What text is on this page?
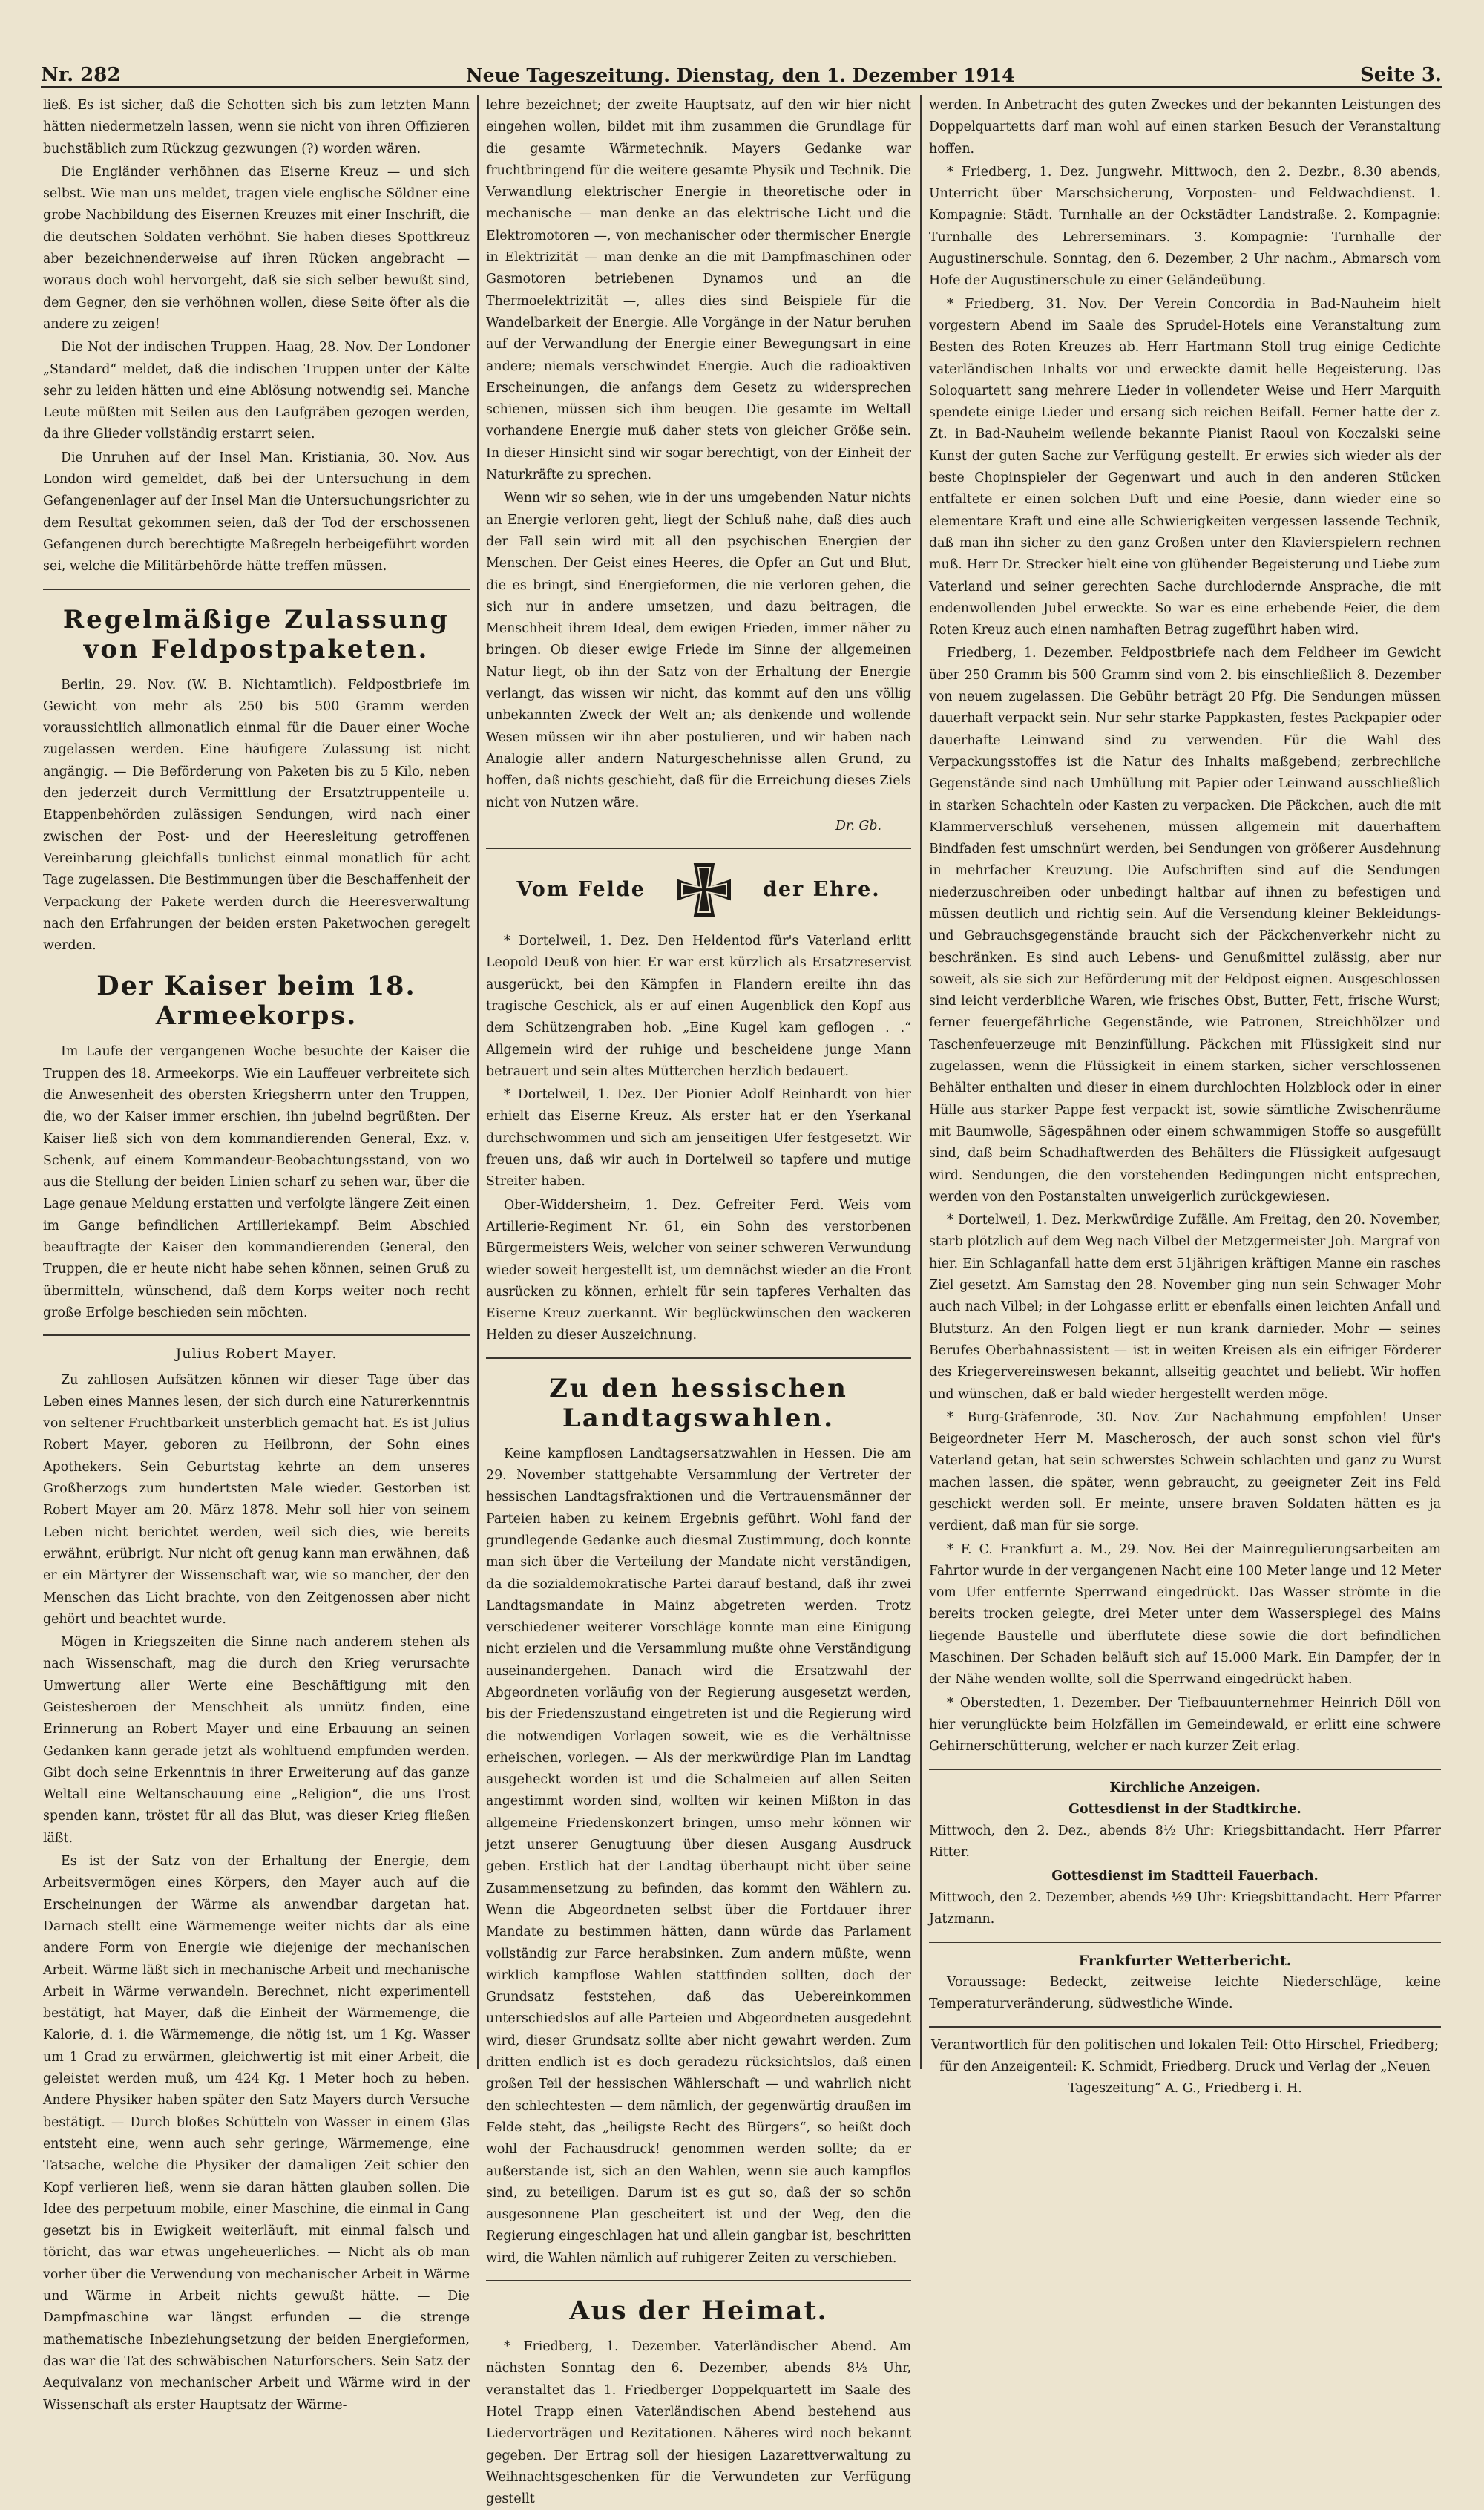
Nr. 282	Neue Tageszeitung. Dienstag, den 1. Dezember 1914	Seite 3.

ließ. Es ist sicher, daß die Schotten sich bis zum letzten Mann hätten niedermetzeln lassen, wenn sie nicht von ihren Offizieren buchstäblich zum Rückzug gezwungen (?) worden wären.

Die Engländer verhöhnen das Eiserne Kreuz — und sich selbst. Wie man uns meldet, tragen viele englische Söldner eine grobe Nachbildung des Eisernen Kreuzes mit einer Inschrift, die die deutschen Soldaten verhöhnt. Sie haben dieses Spottkreuz aber bezeichnenderweise auf ihren Rücken angebracht — woraus doch wohl hervorgeht, daß sie sich selber bewußt sind, dem Gegner, den sie verhöhnen wollen, diese Seite öfter als die andere zu zeigen!

Die Not der indischen Truppen. Haag, 28. Nov. Der Londoner „Standard“ meldet, daß die indischen Truppen unter der Kälte sehr zu leiden hätten und eine Ablösung notwendig sei. Manche Leute müßten mit Seilen aus den Laufgräben gezogen werden, da ihre Glieder vollständig erstarrt seien.

Die Unruhen auf der Insel Man. Kristiania, 30. Nov. Aus London wird gemeldet, daß bei der Untersuchung in dem Gefangenenlager auf der Insel Man die Untersuchungsrichter zu dem Resultat gekommen seien, daß der Tod der erschossenen Gefangenen durch berechtigte Maßregeln herbeigeführt worden sei, welche die Militärbehörde hätte treffen müssen.

Regelmäßige Zulassung von Feldpostpaketen.

Berlin, 29. Nov. (W. B. Nichtamtlich). Feldpostbriefe im Gewicht von mehr als 250 bis 500 Gramm werden voraussichtlich allmonatlich einmal für die Dauer einer Woche zugelassen werden. Eine häufigere Zulassung ist nicht angängig. — Die Beförderung von Paketen bis zu 5 Kilo, neben den jederzeit durch Vermittlung der Ersatztruppenteile u. Etappenbehörden zulässigen Sendungen, wird nach einer zwischen der Post- und der Heeresleitung getroffenen Vereinbarung gleichfalls tunlichst einmal monatlich für acht Tage zugelassen. Die Bestimmungen über die Beschaffenheit der Verpackung der Pakete werden durch die Heeresverwaltung nach den Erfahrungen der beiden ersten Paketwochen geregelt werden.

Der Kaiser beim 18. Armeekorps.

Im Laufe der vergangenen Woche besuchte der Kaiser die Truppen des 18. Armeekorps. Wie ein Lauffeuer verbreitete sich die Anwesenheit des obersten Kriegsherrn unter den Truppen, die, wo der Kaiser immer erschien, ihn jubelnd begrüßten. Der Kaiser ließ sich von dem kommandierenden General, Exz. v. Schenk, auf einem Kommandeur-Beobachtungsstand, von wo aus die Stellung der beiden Linien scharf zu sehen war, über die Lage genaue Meldung erstatten und verfolgte längere Zeit einen im Gange befindlichen Artilleriekampf. Beim Abschied beauftragte der Kaiser den kommandierenden General, den Truppen, die er heute nicht habe sehen können, seinen Gruß zu übermitteln, wünschend, daß dem Korps weiter noch recht große Erfolge beschieden sein möchten.

Julius Robert Mayer.

Zu zahllosen Aufsätzen können wir dieser Tage über das Leben eines Mannes lesen, der sich durch eine Naturerkenntnis von seltener Fruchtbarkeit unsterblich gemacht hat. Es ist Julius Robert Mayer, geboren zu Heilbronn, der Sohn eines Apothekers. Sein Geburtstag kehrte an dem unseres Großherzogs zum hundertsten Male wieder. Gestorben ist Robert Mayer am 20. März 1878. Mehr soll hier von seinem Leben nicht berichtet werden, weil sich dies, wie bereits erwähnt, erübrigt. Nur nicht oft genug kann man erwähnen, daß er ein Märtyrer der Wissenschaft war, wie so mancher, der den Menschen das Licht brachte, von den Zeitgenossen aber nicht gehört und beachtet wurde.

Mögen in Kriegszeiten die Sinne nach anderem stehen als nach Wissenschaft, mag die durch den Krieg verursachte Umwertung aller Werte eine Beschäftigung mit den Geistesheroen der Menschheit als unnütz finden, eine Erinnerung an Robert Mayer und eine Erbauung an seinen Gedanken kann gerade jetzt als wohltuend empfunden werden. Gibt doch seine Erkenntnis in ihrer Erweiterung auf das ganze Weltall eine Weltanschauung eine „Religion“, die uns Trost spenden kann, tröstet für all das Blut, was dieser Krieg fließen läßt.

Es ist der Satz von der Erhaltung der Energie, dem Arbeitsvermögen eines Körpers, den Mayer auch auf die Erscheinungen der Wärme als anwendbar dargetan hat. Darnach stellt eine Wärmemenge weiter nichts dar als eine andere Form von Energie wie diejenige der mechanischen Arbeit. Wärme läßt sich in mechanische Arbeit und mechanische Arbeit in Wärme verwandeln. Berechnet, nicht experimentell bestätigt, hat Mayer, daß die Einheit der Wärmemenge, die Kalorie, d. i. die Wärmemenge, die nötig ist, um 1 Kg. Wasser um 1 Grad zu erwärmen, gleichwertig ist mit einer Arbeit, die geleistet werden muß, um 424 Kg. 1 Meter hoch zu heben. Andere Physiker haben später den Satz Mayers durch Versuche bestätigt. — Durch bloßes Schütteln von Wasser in einem Glas entsteht eine, wenn auch sehr geringe, Wärmemenge, eine Tatsache, welche die Physiker der damaligen Zeit schier den Kopf verlieren ließ, wenn sie daran hätten glauben sollen. Die Idee des perpetuum mobile, einer Maschine, die einmal in Gang gesetzt bis in Ewigkeit weiterläuft, mit einmal falsch und töricht, das war etwas ungeheuerliches. — Nicht als ob man vorher über die Verwendung von mechanischer Arbeit in Wärme und Wärme in Arbeit nichts gewußt hätte. — Die Dampfmaschine war längst erfunden — die strenge mathematische Inbeziehungsetzung der beiden Energieformen, das war die Tat des schwäbischen Naturforschers. Sein Satz der Aequivalanz von mechanischer Arbeit und Wärme wird in der Wissenschaft als erster Hauptsatz der Wärme-

lehre bezeichnet; der zweite Hauptsatz, auf den wir hier nicht eingehen wollen, bildet mit ihm zusammen die Grundlage für die gesamte Wärmetechnik. Mayers Gedanke war fruchtbringend für die weitere gesamte Physik und Technik. Die Verwandlung elektrischer Energie in theoretische oder in mechanische — man denke an das elektrische Licht und die Elektromotoren —, von mechanischer oder thermischer Energie in Elektrizität — man denke an die mit Dampfmaschinen oder Gasmotoren betriebenen Dynamos und an die Thermoelektrizität —, alles dies sind Beispiele für die Wandelbarkeit der Energie. Alle Vorgänge in der Natur beruhen auf der Verwandlung der Energie einer Bewegungsart in eine andere; niemals verschwindet Energie. Auch die radioaktiven Erscheinungen, die anfangs dem Gesetz zu widersprechen schienen, müssen sich ihm beugen. Die gesamte im Weltall vorhandene Energie muß daher stets von gleicher Größe sein. In dieser Hinsicht sind wir sogar berechtigt, von der Einheit der Naturkräfte zu sprechen.

Wenn wir so sehen, wie in der uns umgebenden Natur nichts an Energie verloren geht, liegt der Schluß nahe, daß dies auch der Fall sein wird mit all den psychischen Energien der Menschen. Der Geist eines Heeres, die Opfer an Gut und Blut, die es bringt, sind Energieformen, die nie verloren gehen, die sich nur in andere umsetzen, und dazu beitragen, die Menschheit ihrem Ideal, dem ewigen Frieden, immer näher zu bringen. Ob dieser ewige Friede im Sinne der allgemeinen Natur liegt, ob ihn der Satz von der Erhaltung der Energie verlangt, das wissen wir nicht, das kommt auf den uns völlig unbekannten Zweck der Welt an; als denkende und wollende Wesen müssen wir ihn aber postulieren, und wir haben nach Analogie aller andern Naturgeschehnisse allen Grund, zu hoffen, daß nichts geschieht, daß für die Erreichung dieses Ziels nicht von Nutzen wäre.

Dr. Gb.
Vom Felde	der Ehre.

* Dortelweil, 1. Dez. Den Heldentod für's Vaterland erlitt Leopold Deuß von hier. Er war erst kürzlich als Ersatzreservist ausgerückt, bei den Kämpfen in Flandern ereilte ihn das tragische Geschick, als er auf einen Augenblick den Kopf aus dem Schützengraben hob. „Eine Kugel kam geflogen . .“ Allgemein wird der ruhige und bescheidene junge Mann betrauert und sein altes Mütterchen herzlich bedauert.

* Dortelweil, 1. Dez. Der Pionier Adolf Reinhardt von hier erhielt das Eiserne Kreuz. Als erster hat er den Yserkanal durchschwommen und sich am jenseitigen Ufer festgesetzt. Wir freuen uns, daß wir auch in Dortelweil so tapfere und mutige Streiter haben.

Ober-Widdersheim, 1. Dez. Gefreiter Ferd. Weis vom Artillerie-Regiment Nr. 61, ein Sohn des verstorbenen Bürgermeisters Weis, welcher von seiner schweren Verwundung wieder soweit hergestellt ist, um demnächst wieder an die Front ausrücken zu können, erhielt für sein tapferes Verhalten das Eiserne Kreuz zuerkannt. Wir beglückwünschen den wackeren Helden zu dieser Auszeichnung.

Zu den hessischen Landtagswahlen.

Keine kampflosen Landtagsersatzwahlen in Hessen. Die am 29. November stattgehabte Versammlung der Vertreter der hessischen Landtagsfraktionen und die Vertrauensmänner der Parteien haben zu keinem Ergebnis geführt. Wohl fand der grundlegende Gedanke auch diesmal Zustimmung, doch konnte man sich über die Verteilung der Mandate nicht verständigen, da die sozialdemokratische Partei darauf bestand, daß ihr zwei Landtagsmandate in Mainz abgetreten werden. Trotz verschiedener weiterer Vorschläge konnte man eine Einigung nicht erzielen und die Versammlung mußte ohne Verständigung auseinandergehen. Danach wird die Ersatzwahl der Abgeordneten vorläufig von der Regierung ausgesetzt werden, bis der Friedenszustand eingetreten ist und die Regierung wird die notwendigen Vorlagen soweit, wie es die Verhältnisse erheischen, vorlegen. — Als der merkwürdige Plan im Landtag ausgeheckt worden ist und die Schalmeien auf allen Seiten angestimmt worden sind, wollten wir keinen Mißton in das allgemeine Friedenskonzert bringen, umso mehr können wir jetzt unserer Genugtuung über diesen Ausgang Ausdruck geben. Erstlich hat der Landtag überhaupt nicht über seine Zusammensetzung zu befinden, das kommt den Wählern zu. Wenn die Abgeordneten selbst über die Fortdauer ihrer Mandate zu bestimmen hätten, dann würde das Parlament vollständig zur Farce herabsinken. Zum andern müßte, wenn wirklich kampflose Wahlen stattfinden sollten, doch der Grundsatz feststehen, daß das Uebereinkommen unterschiedslos auf alle Parteien und Abgeordneten ausgedehnt wird, dieser Grundsatz sollte aber nicht gewahrt werden. Zum dritten endlich ist es doch geradezu rücksichtslos, daß einen großen Teil der hessischen Wählerschaft — und wahrlich nicht den schlechtesten — dem nämlich, der gegenwärtig draußen im Felde steht, das „heiligste Recht des Bürgers“, so heißt doch wohl der Fachausdruck! genommen werden sollte; da er außerstande ist, sich an den Wahlen, wenn sie auch kampflos sind, zu beteiligen. Darum ist es gut so, daß der so schön ausgesonnene Plan gescheitert ist und der Weg, den die Regierung eingeschlagen hat und allein gangbar ist, beschritten wird, die Wahlen nämlich auf ruhigerer Zeiten zu verschieben.

Aus der Heimat.

* Friedberg, 1. Dezember. Vaterländischer Abend. Am nächsten Sonntag den 6. Dezember, abends 8½ Uhr, veranstaltet das 1. Friedberger Doppelquartett im Saale des Hotel Trapp einen Vaterländischen Abend bestehend aus Liedervorträgen und Rezitationen. Näheres wird noch bekannt gegeben. Der Ertrag soll der hiesigen Lazarettverwaltung zu Weihnachtsgeschenken für die Verwundeten zur Verfügung gestellt

werden. In Anbetracht des guten Zweckes und der bekannten Leistungen des Doppelquartetts darf man wohl auf einen starken Besuch der Veranstaltung hoffen.

* Friedberg, 1. Dez. Jungwehr. Mittwoch, den 2. Dezbr., 8.30 abends, Unterricht über Marschsicherung, Vorposten- und Feldwachdienst. 1. Kompagnie: Städt. Turnhalle an der Ockstädter Landstraße. 2. Kompagnie: Turnhalle des Lehrerseminars. 3. Kompagnie: Turnhalle der Augustinerschule. Sonntag, den 6. Dezember, 2 Uhr nachm., Abmarsch vom Hofe der Augustinerschule zu einer Geländeübung.

* Friedberg, 31. Nov. Der Verein Concordia in Bad-Nauheim hielt vorgestern Abend im Saale des Sprudel-Hotels eine Veranstaltung zum Besten des Roten Kreuzes ab. Herr Hartmann Stoll trug einige Gedichte vaterländischen Inhalts vor und erweckte damit helle Begeisterung. Das Soloquartett sang mehrere Lieder in vollendeter Weise und Herr Marquith spendete einige Lieder und ersang sich reichen Beifall. Ferner hatte der z. Zt. in Bad-Nauheim weilende bekannte Pianist Raoul von Koczalski seine Kunst der guten Sache zur Verfügung gestellt. Er erwies sich wieder als der beste Chopinspieler der Gegenwart und auch in den anderen Stücken entfaltete er einen solchen Duft und eine Poesie, dann wieder eine so elementare Kraft und eine alle Schwierigkeiten vergessen lassende Technik, daß man ihn sicher zu den ganz Großen unter den Klavierspielern rechnen muß. Herr Dr. Strecker hielt eine von glühender Begeisterung und Liebe zum Vaterland und seiner gerechten Sache durchlodernde Ansprache, die mit endenwollenden Jubel erweckte. So war es eine erhebende Feier, die dem Roten Kreuz auch einen namhaften Betrag zugeführt haben wird.

Friedberg, 1. Dezember. Feldpostbriefe nach dem Feldheer im Gewicht über 250 Gramm bis 500 Gramm sind vom 2. bis einschließlich 8. Dezember von neuem zugelassen. Die Gebühr beträgt 20 Pfg. Die Sendungen müssen dauerhaft verpackt sein. Nur sehr starke Pappkasten, festes Packpapier oder dauerhafte Leinwand sind zu verwenden. Für die Wahl des Verpackungsstoffes ist die Natur des Inhalts maßgebend; zerbrechliche Gegenstände sind nach Umhüllung mit Papier oder Leinwand ausschließlich in starken Schachteln oder Kasten zu verpacken. Die Päckchen, auch die mit Klammerverschluß versehenen, müssen allgemein mit dauerhaftem Bindfaden fest umschnürt werden, bei Sendungen von größerer Ausdehnung in mehrfacher Kreuzung. Die Aufschriften sind auf die Sendungen niederzuschreiben oder unbedingt haltbar auf ihnen zu befestigen und müssen deutlich und richtig sein. Auf die Versendung kleiner Bekleidungs- und Gebrauchsgegenstände braucht sich der Päckchenverkehr nicht zu beschränken. Es sind auch Lebens- und Genußmittel zulässig, aber nur soweit, als sie sich zur Beförderung mit der Feldpost eignen. Ausgeschlossen sind leicht verderbliche Waren, wie frisches Obst, Butter, Fett, frische Wurst; ferner feuergefährliche Gegenstände, wie Patronen, Streichhölzer und Taschenfeuerzeuge mit Benzinfüllung. Päckchen mit Flüssigkeit sind nur zugelassen, wenn die Flüssigkeit in einem starken, sicher verschlossenen Behälter enthalten und dieser in einem durchlochten Holzblock oder in einer Hülle aus starker Pappe fest verpackt ist, sowie sämtliche Zwischenräume mit Baumwolle, Sägespähnen oder einem schwammigen Stoffe so ausgefüllt sind, daß beim Schadhaftwerden des Behälters die Flüssigkeit aufgesaugt wird. Sendungen, die den vorstehenden Bedingungen nicht entsprechen, werden von den Postanstalten unweigerlich zurückgewiesen.

* Dortelweil, 1. Dez. Merkwürdige Zufälle. Am Freitag, den 20. November, starb plötzlich auf dem Weg nach Vilbel der Metzgermeister Joh. Margraf von hier. Ein Schlaganfall hatte dem erst 51jährigen kräftigen Manne ein rasches Ziel gesetzt. Am Samstag den 28. November ging nun sein Schwager Mohr auch nach Vilbel; in der Lohgasse erlitt er ebenfalls einen leichten Anfall und Blutsturz. An den Folgen liegt er nun krank darnieder. Mohr — seines Berufes Oberbahnassistent — ist in weiten Kreisen als ein eifriger Förderer des Kriegervereinswesen bekannt, allseitig geachtet und beliebt. Wir hoffen und wünschen, daß er bald wieder hergestellt werden möge.

* Burg-Gräfenrode, 30. Nov. Zur Nachahmung empfohlen! Unser Beigeordneter Herr M. Mascherosch, der auch sonst schon viel für's Vaterland getan, hat sein schwerstes Schwein schlachten und ganz zu Wurst machen lassen, die später, wenn gebraucht, zu geeigneter Zeit ins Feld geschickt werden soll. Er meinte, unsere braven Soldaten hätten es ja verdient, daß man für sie sorge.

* F. C. Frankfurt a. M., 29. Nov. Bei der Mainregulierungsarbeiten am Fahrtor wurde in der vergangenen Nacht eine 100 Meter lange und 12 Meter vom Ufer entfernte Sperrwand eingedrückt. Das Wasser strömte in die bereits trocken gelegte, drei Meter unter dem Wasserspiegel des Mains liegende Baustelle und überflutete diese sowie die dort befindlichen Maschinen. Der Schaden beläuft sich auf 15.000 Mark. Ein Dampfer, der in der Nähe wenden wollte, soll die Sperrwand eingedrückt haben.

* Oberstedten, 1. Dezember. Der Tiefbauunternehmer Heinrich Döll von hier verunglückte beim Holzfällen im Gemeindewald, er erlitt eine schwere Gehirnerschütterung, welcher er nach kurzer Zeit erlag.

Kirchliche Anzeigen.
Gottesdienst in der Stadtkirche.

Mittwoch, den 2. Dez., abends 8½ Uhr: Kriegsbittandacht. Herr Pfarrer Ritter.

Gottesdienst im Stadtteil Fauerbach.

Mittwoch, den 2. Dezember, abends ½9 Uhr: Kriegsbittandacht. Herr Pfarrer Jatzmann.

Frankfurter Wetterbericht.

Voraussage: Bedeckt, zeitweise leichte Niederschläge, keine Temperaturveränderung, südwestliche Winde.

Verantwortlich für den politischen und lokalen Teil: Otto Hirschel, Friedberg; für den Anzeigenteil: K. Schmidt, Friedberg. Druck und Verlag der „Neuen Tageszeitung“ A. G., Friedberg i. H.
